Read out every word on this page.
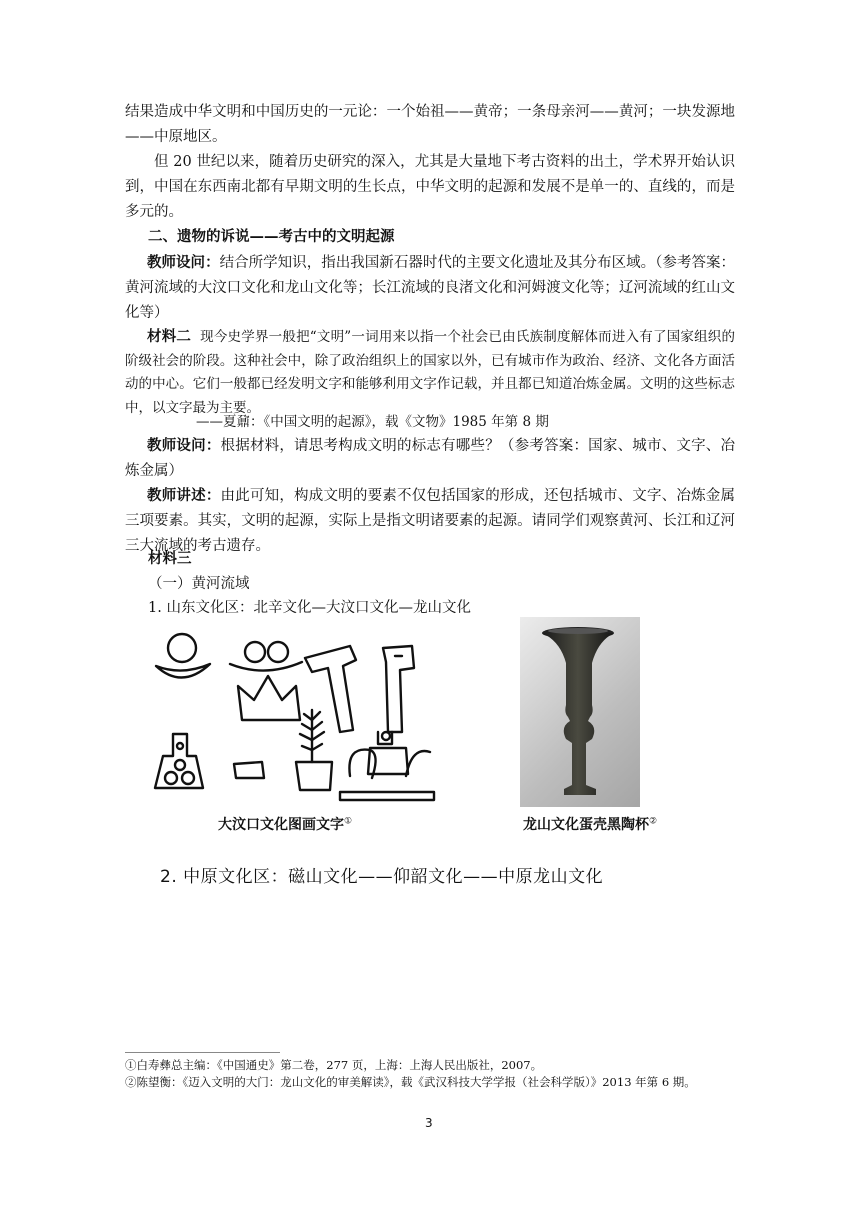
结果造成中华文明和中国历史的一元论：一个始祖——黄帝；一条母亲河——黄河；一块发源地——中原地区。

但 20 世纪以来，随着历史研究的深入，尤其是大量地下考古资料的出土，学术界开始认识到，中国在东西南北都有早期文明的生长点，中华文明的起源和发展不是单一的、直线的，而是多元的。

二、遗物的诉说——考古中的文明起源

教师设问：结合所学知识，指出我国新石器时代的主要文化遗址及其分布区域。（参考答案：黄河流域的大汶口文化和龙山文化等；长江流域的良渚文化和河姆渡文化等；辽河流域的红山文化等）

材料二 现今史学界一般把“文明”一词用来以指一个社会已由氏族制度解体而进入有了国家组织的阶级社会的阶段。这种社会中，除了政治组织上的国家以外，已有城市作为政治、经济、文化各方面活动的中心。它们一般都已经发明文字和能够利用文字作记载，并且都已知道冶炼金属。文明的这些标志中，以文字最为主要。

——夏鼐：《中国文明的起源》，载《文物》1985 年第 8 期

教师设问：根据材料，请思考构成文明的标志有哪些？（参考答案：国家、城市、文字、冶炼金属）

教师讲述：由此可知，构成文明的要素不仅包括国家的形成，还包括城市、文字、冶炼金属三项要素。其实，文明的起源，实际上是指文明诸要素的起源。请同学们观察黄河、长江和辽河三大流域的考古遗存。

材料三
（一）黄河流域
1. 山东文化区：北辛文化—大汶口文化—龙山文化
大汶口文化图画文字①	龙山文化蛋壳黑陶杯②
2. 中原文化区：磁山文化——仰韶文化——中原龙山文化

①白寿彝总主编：《中国通史》第二卷，277 页，上海：上海人民出版社，2007。

②陈望衡：《迈入文明的大门：龙山文化的审美解读》，载《武汉科技大学学报（社会科学版）》2013 年第 6 期。

3
